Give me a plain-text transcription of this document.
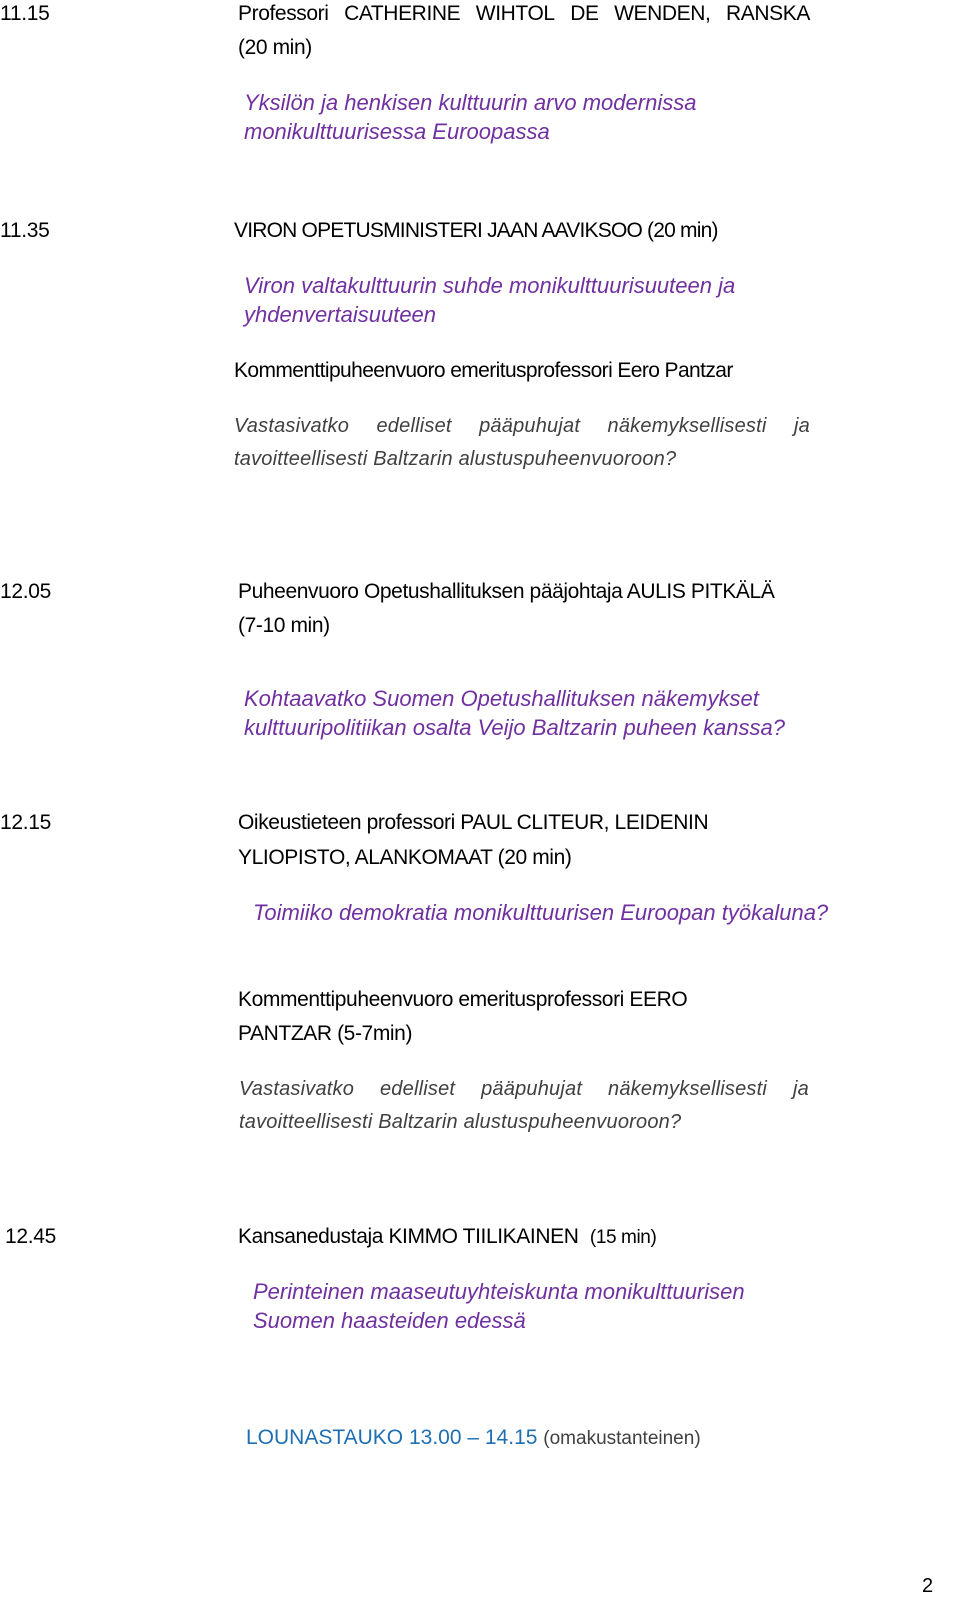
11.15	Professori CATHERINE WIHTOL DE WENDEN, RANSKA
(20 min)
Yksilön ja henkisen kulttuurin arvo modernissa
monikulttuurisessa Euroopassa
11.35	VIRON OPETUSMINISTERI JAAN AAVIKSOO (20 min)
Viron valtakulttuurin suhde monikulttuurisuuteen ja
yhdenvertaisuuteen
Kommenttipuheenvuoro emeritusprofessori Eero Pantzar
Vastasivatko edelliset pääpuhujat näkemyksellisesti ja
tavoitteellisesti Baltzarin alustuspuheenvuoroon?
12.05	Puheenvuoro Opetushallituksen pääjohtaja AULIS PITKÄLÄ
(7-10 min)
Kohtaavatko Suomen Opetushallituksen näkemykset
kulttuuripolitiikan osalta Veijo Baltzarin puheen kanssa?
12.15	Oikeustieteen professori PAUL CLITEUR, LEIDENIN
YLIOPISTO, ALANKOMAAT (20 min)
Toimiiko demokratia monikulttuurisen Euroopan työkaluna?
Kommenttipuheenvuoro emeritusprofessori EERO
PANTZAR (5-7min)
Vastasivatko edelliset pääpuhujat näkemyksellisesti ja
tavoitteellisesti Baltzarin alustuspuheenvuoroon?
12.45	Kansanedustaja KIMMO TIILIKAINEN (15 min)
Perinteinen maaseutuyhteiskunta monikulttuurisen
Suomen haasteiden edessä
LOUNASTAUKO 13.00 – 14.15 (omakustanteinen)
2
